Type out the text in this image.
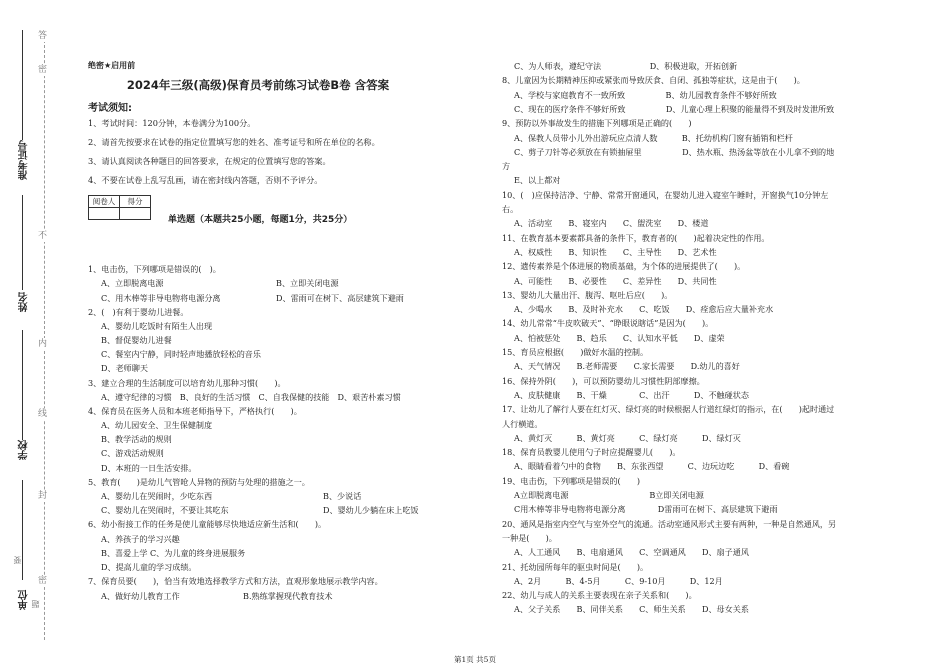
答
密
不
内
线
封
密
准考证号
姓名
学校
单位
要
题
绝密★启用前
2024年三级(高级)保育员考前练习试卷B卷 含答案
考试须知:
1、考试时间：120分钟，本卷满分为100分。
2、请首先按要求在试卷的指定位置填写您的姓名、准考证号和所在单位的名称。
3、请认真阅读各种题目的回答要求，在规定的位置填写您的答案。
4、不要在试卷上乱写乱画，请在密封线内答题，否则不予评分。
阅卷人	得分

单选题（本题共25小题，每题1分，共25分）
1、电击伤，下列哪项是错误的(　)。
A、立即脱离电源	B、立即关闭电源
C、用木棒等非导电物将电源分离	D、雷雨可在树下、高层建筑下避雨
2、(　)有利于婴幼儿进餐。
A、婴幼儿吃饭时有陌生人出现
B、督促婴幼儿进餐
C、餐室内宁静，同时轻声地播放轻松的音乐
D、老师聊天
3、建立合理的生活制度可以培育幼儿那种习惯(　　)。
A、遵守纪律的习惯　B、良好的生活习惯　C、自我保健的技能　D、艰苦朴素习惯
4、保育员在医务人员和本班老师指导下，严格执行(　　)。
A、幼儿园安全、卫生保健制度
B、教学活动的规则
C、游戏活动规则
D、本班的一日生活安排。
5、教育(　　)是幼儿气管呛人异物的预防与处理的措施之一。
A、婴幼儿在哭闹时，少吃东西	B、少说话
C、婴幼儿在哭闹时，不要让其吃东	D、婴幼儿少躺在床上吃饭
6、幼小衔接工作的任务是使儿童能够尽快地适应新生活和(　　)。
A、养孩子的学习兴趣
B、喜爱上学 C、为儿童的终身进展服务
D、提高儿童的学习成绩。
7、保育员要(　　)，恰当有效地选择教学方式和方法，直观形象地展示教学内容。
A、做好幼儿教育工作	B.熟练掌握现代教育技术
C、为人师表，遵纪守法　　　　　　D、积极进取，开拓创新
8、儿童因为长期精神压抑或紧张而导致厌食、自闭、孤独等症状，这是由于(　　)。
A、学校与家庭教育不一致所致　　　　　B、幼儿园教育条件不够好所致
C、现在的医疗条件不够好所致　　　　　D、儿童心理上积聚的能量得不到及时发泄所致
9、预防以外事故发生的措施下列哪项是正确的(　　)
A、保教人员带小儿外出游玩应点清人数　　　B、托幼机构门窗有插销和栏杆
C、剪子刀针等必须放在有锁抽屉里　　　　　D、热水瓶、热汤盆等放在小儿拿不到的地
方
E、以上都对
10、(　)应保持洁净、宁静、常常开窗通风，在婴幼儿进入寝室午睡时，开窗换气10分钟左
右。
A、活动室　　B、寝室内　　C、盥洗室　　D、楼道
11、在教育基本要素都具备的条件下，教育者的(　　)起着决定性的作用。
A、权威性　　B、知识性　　C、主导性　　D、艺术性
12、遗传素养是个体进展的物质基础，为个体的进展提供了(　　)。
A、可能性　　B、必要性　　C、差异性　　D、共同性
13、婴幼儿大量出汗、腹泻、呕吐后应(　　)。
A、少喝水　　B、及时补充水　　C、吃饭　　D、痊愈后应大量补充水
14、幼儿常常“牛皮吹破天”、“睁眼说瞎话”是因为(　　)。
A、怕被惩处　　B、趋乐　　C、认知水平低　　D、虚荣
15、育员应根据(　　)做好水温的控制。
A、天气情况　　B.老师需要　　C.家长需要　　D.幼儿的喜好
16、保持外阴(　　)，可以预防婴幼儿习惯性阴部摩擦。
A、皮肤健康　　B、干燥　　　　C、出汗　　　D、不触碰状态
17、让幼儿了解行人要在红灯灭、绿灯亮的时候根据人行道红绿灯的指示，在(　　)起时通过
人行横道。
A、黄灯灭　　　B、黄灯亮　　　C、绿灯亮　　　D、绿灯灭
18、保育员教婴儿使用勺子时应提醒婴儿(　　)。
A、眼睛看着勺中的食物　　B、东张西望　　　C、边玩边吃　　　D、看碗
19、电击伤，下列哪项是错误的(　　)
A立即脱离电源　　　　　　　　　　B立即关闭电源
C用木棒等非导电物将电源分离　　　　D雷雨可在树下、高层建筑下避雨
20、通风是指室内空气与室外空气的流通。活动室通风形式主要有两种，一种是自然通风，另
一种是(　　)。
A、人工通风　　B、电扇通风　　C、空调通风　　D、扇子通风
21、托幼园所每年的驱虫时间是(　　)。
A、2月　　　B、4-5月　　　C、9-10月　　　D、12月
22、幼儿与成人的关系主要表现在亲子关系和(　　)。
A、父子关系　　B、同伴关系　　C、师生关系　　D、母女关系
第1页 共5页
